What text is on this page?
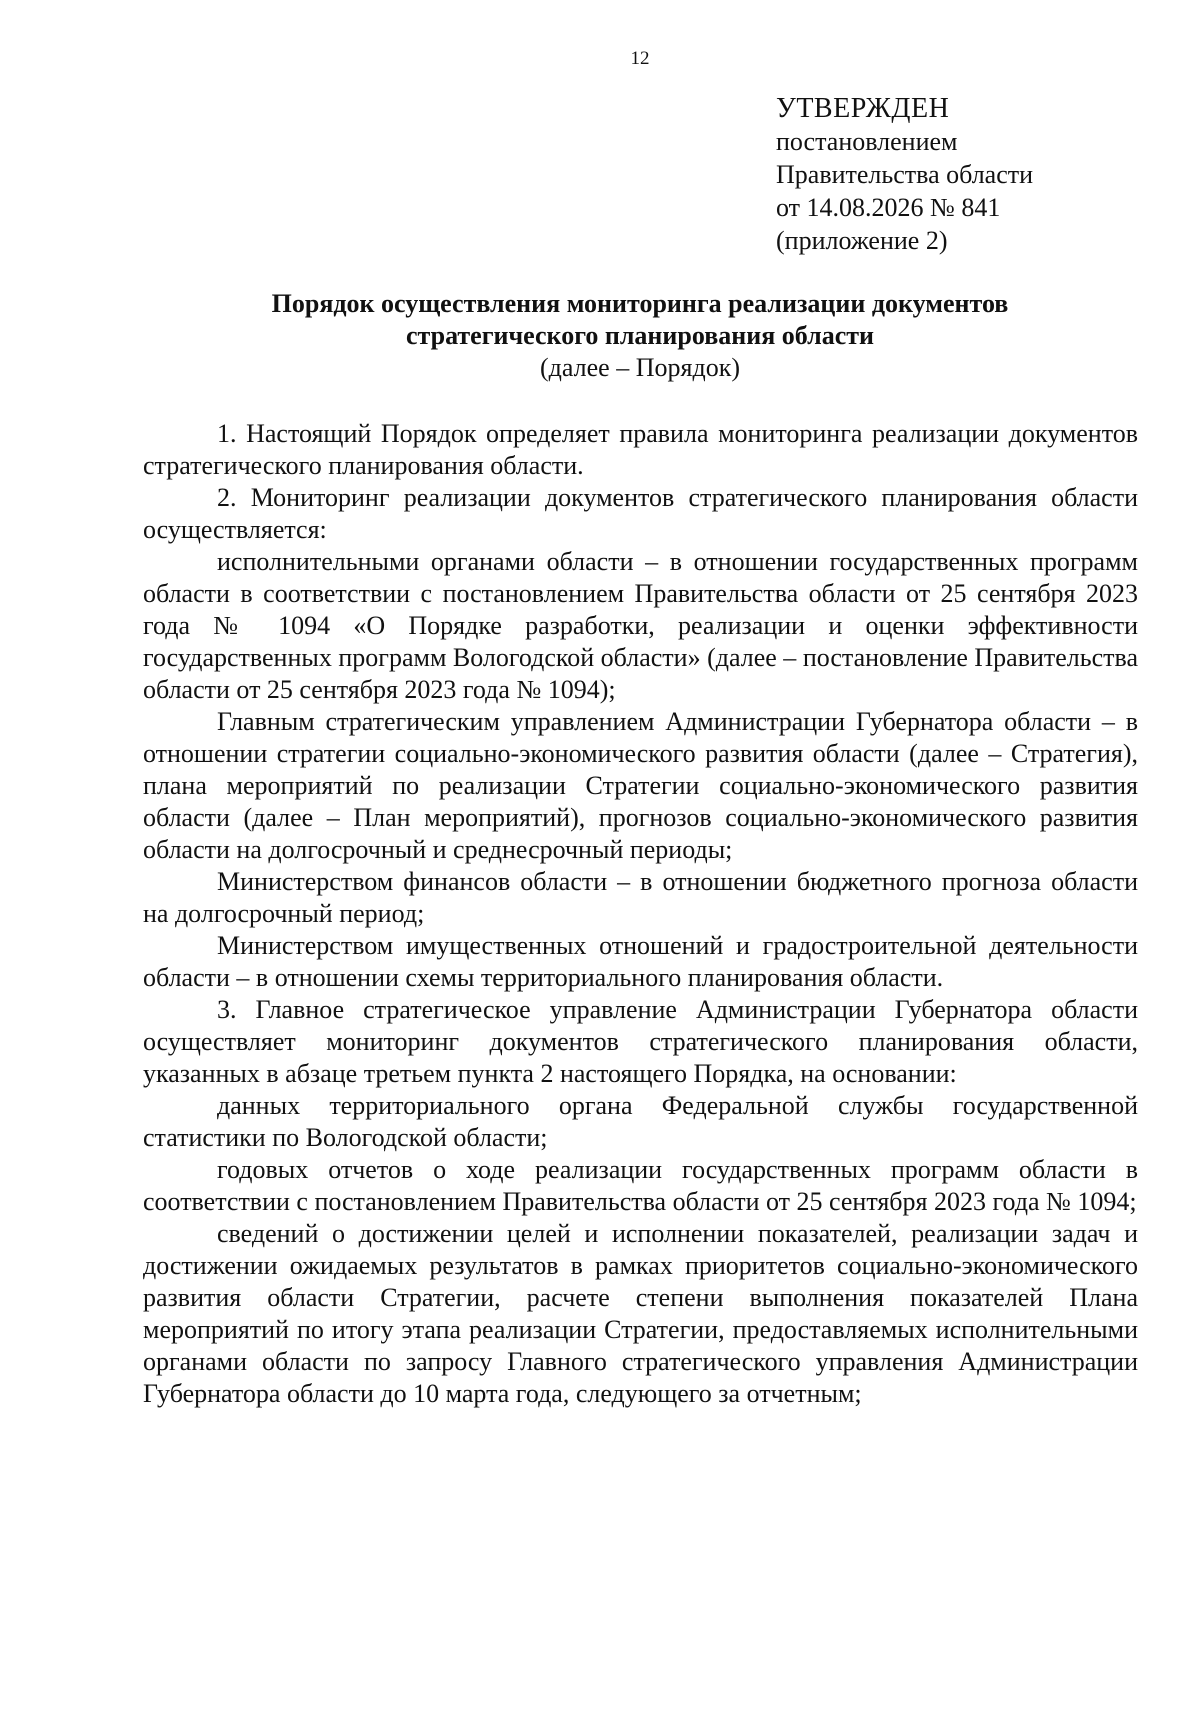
12
УТВЕРЖДЕН
постановлением
Правительства области
от 14.08.2026 № 841
(приложение 2)
Порядок осуществления мониторинга реализации документов
стратегического планирования области
(далее – Порядок)

1. Настоящий Порядок определяет правила мониторинга реализации документов стратегического планирования области.

2. Мониторинг реализации документов стратегического планирования области осуществляется:

исполнительными органами области – в отношении государственных программ области в соответствии с постановлением Правительства области от 25 сентября 2023 года № 1094 «О Порядке разработки, реализации и оценки эффективности государственных программ Вологодской области» (далее – постановление Правительства области от 25 сентября 2023 года № 1094);

Главным стратегическим управлением Администрации Губернатора области – в отношении стратегии социально-экономического развития области (далее – Стратегия), плана мероприятий по реализации Стратегии социально-экономического развития области (далее – План мероприятий), прогнозов социально-экономического развития области на долгосрочный и среднесрочный периоды;

Министерством финансов области – в отношении бюджетного прогноза области на долгосрочный период;

Министерством имущественных отношений и градостроительной деятельности области – в отношении схемы территориального планирования области.

3. Главное стратегическое управление Администрации Губернатора области осуществляет мониторинг документов стратегического планирования области, указанных в абзаце третьем пункта 2 настоящего Порядка, на основании:

данных территориального органа Федеральной службы государственной статистики по Вологодской области;

годовых отчетов о ходе реализации государственных программ области в соответствии с постановлением Правительства области от 25 сентября 2023 года № 1094;

сведений о достижении целей и исполнении показателей, реализации задач и достижении ожидаемых результатов в рамках приоритетов социально-экономического развития области Стратегии, расчете степени выполнения показателей Плана мероприятий по итогу этапа реализации Стратегии, предоставляемых исполнительными органами области по запросу Главного стратегического управления Администрации Губернатора области до 10 марта года, следующего за отчетным;
